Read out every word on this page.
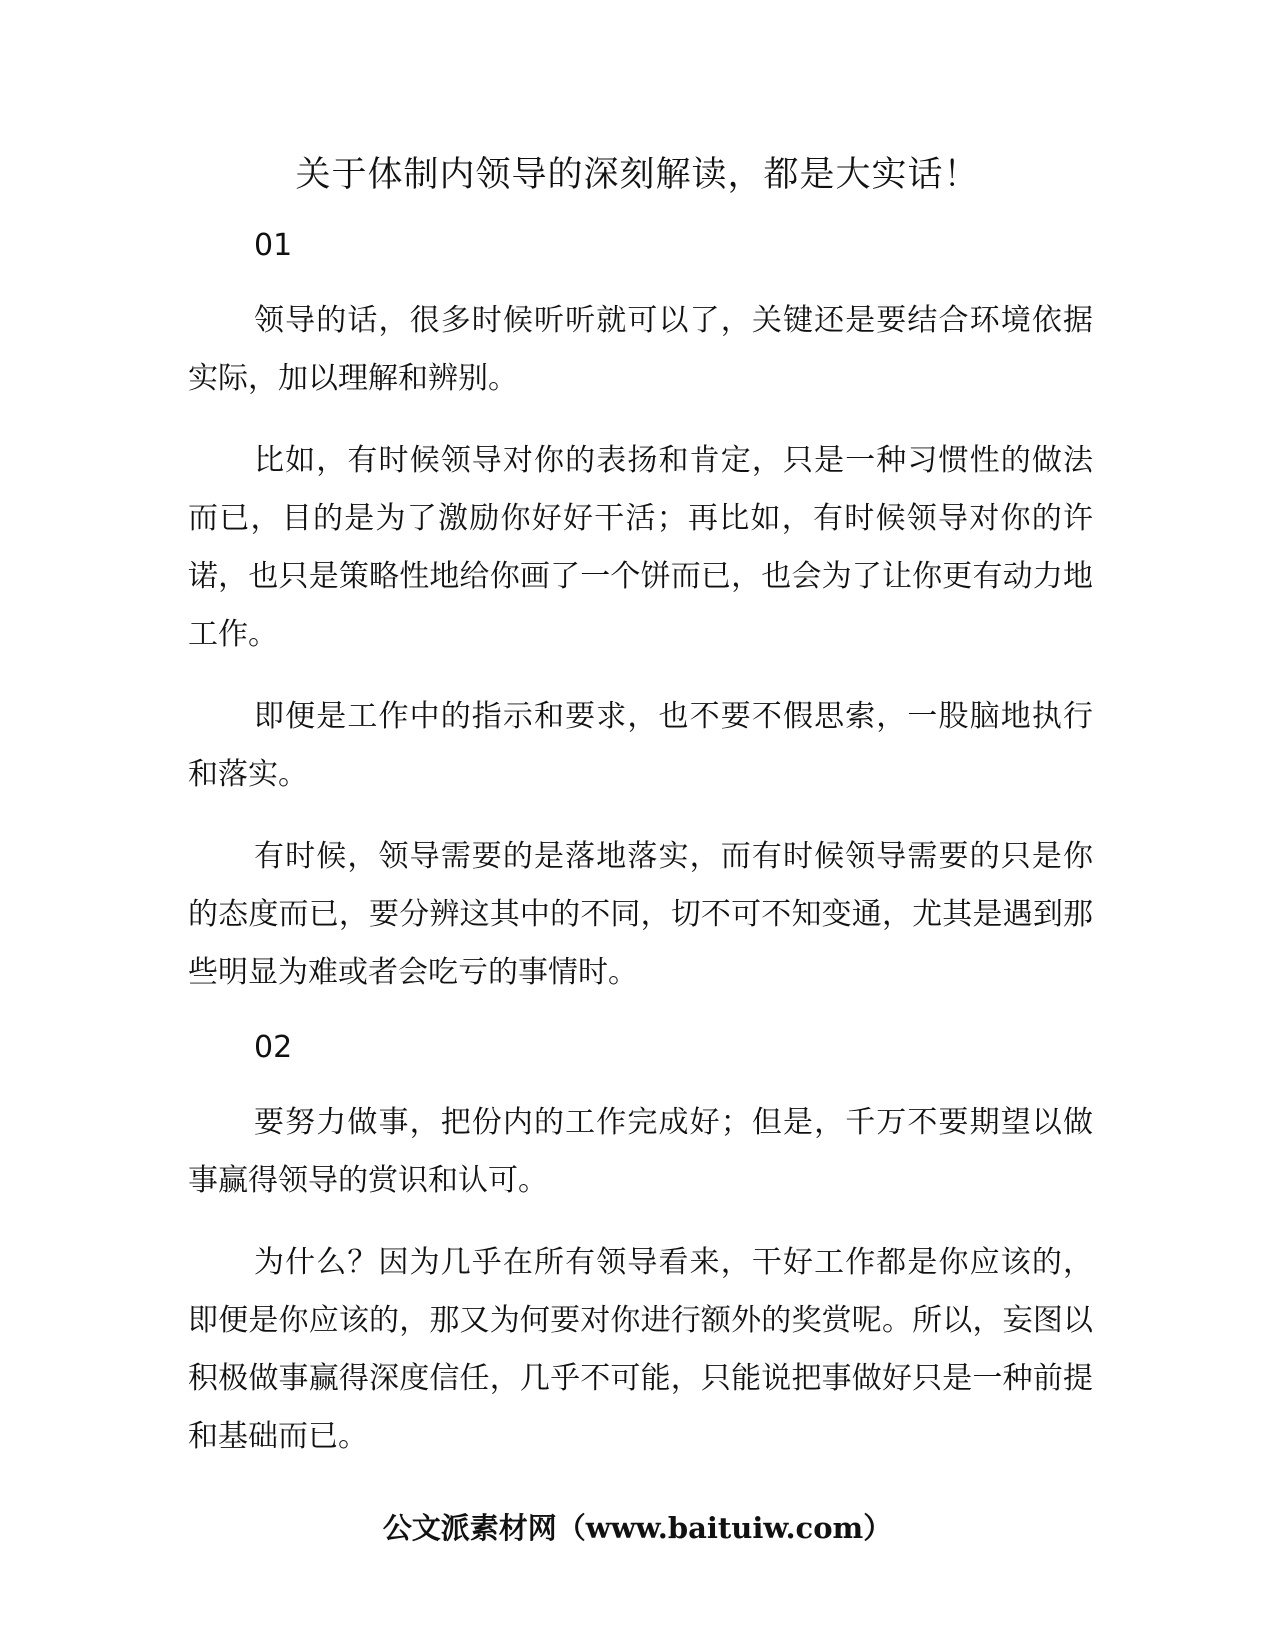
关于体制内领导的深刻解读，都是大实话！
01

领导的话，很多时候听听就可以了，关键还是要结合环境依据实际，加以理解和辨别。

比如，有时候领导对你的表扬和肯定，只是一种习惯性的做法而已，目的是为了激励你好好干活；再比如，有时候领导对你的许诺，也只是策略性地给你画了一个饼而已，也会为了让你更有动力地工作。

即便是工作中的指示和要求，也不要不假思索，一股脑地执行和落实。

有时候，领导需要的是落地落实，而有时候领导需要的只是你的态度而已，要分辨这其中的不同，切不可不知变通，尤其是遇到那些明显为难或者会吃亏的事情时。

02

要努力做事，把份内的工作完成好；但是，千万不要期望以做事赢得领导的赏识和认可。

为什么？因为几乎在所有领导看来，干好工作都是你应该的，即便是你应该的，那又为何要对你进行额外的奖赏呢。所以，妄图以积极做事赢得深度信任，几乎不可能，只能说把事做好只是一种前提和基础而已。

公文派素材网（www.baituiw.com）
